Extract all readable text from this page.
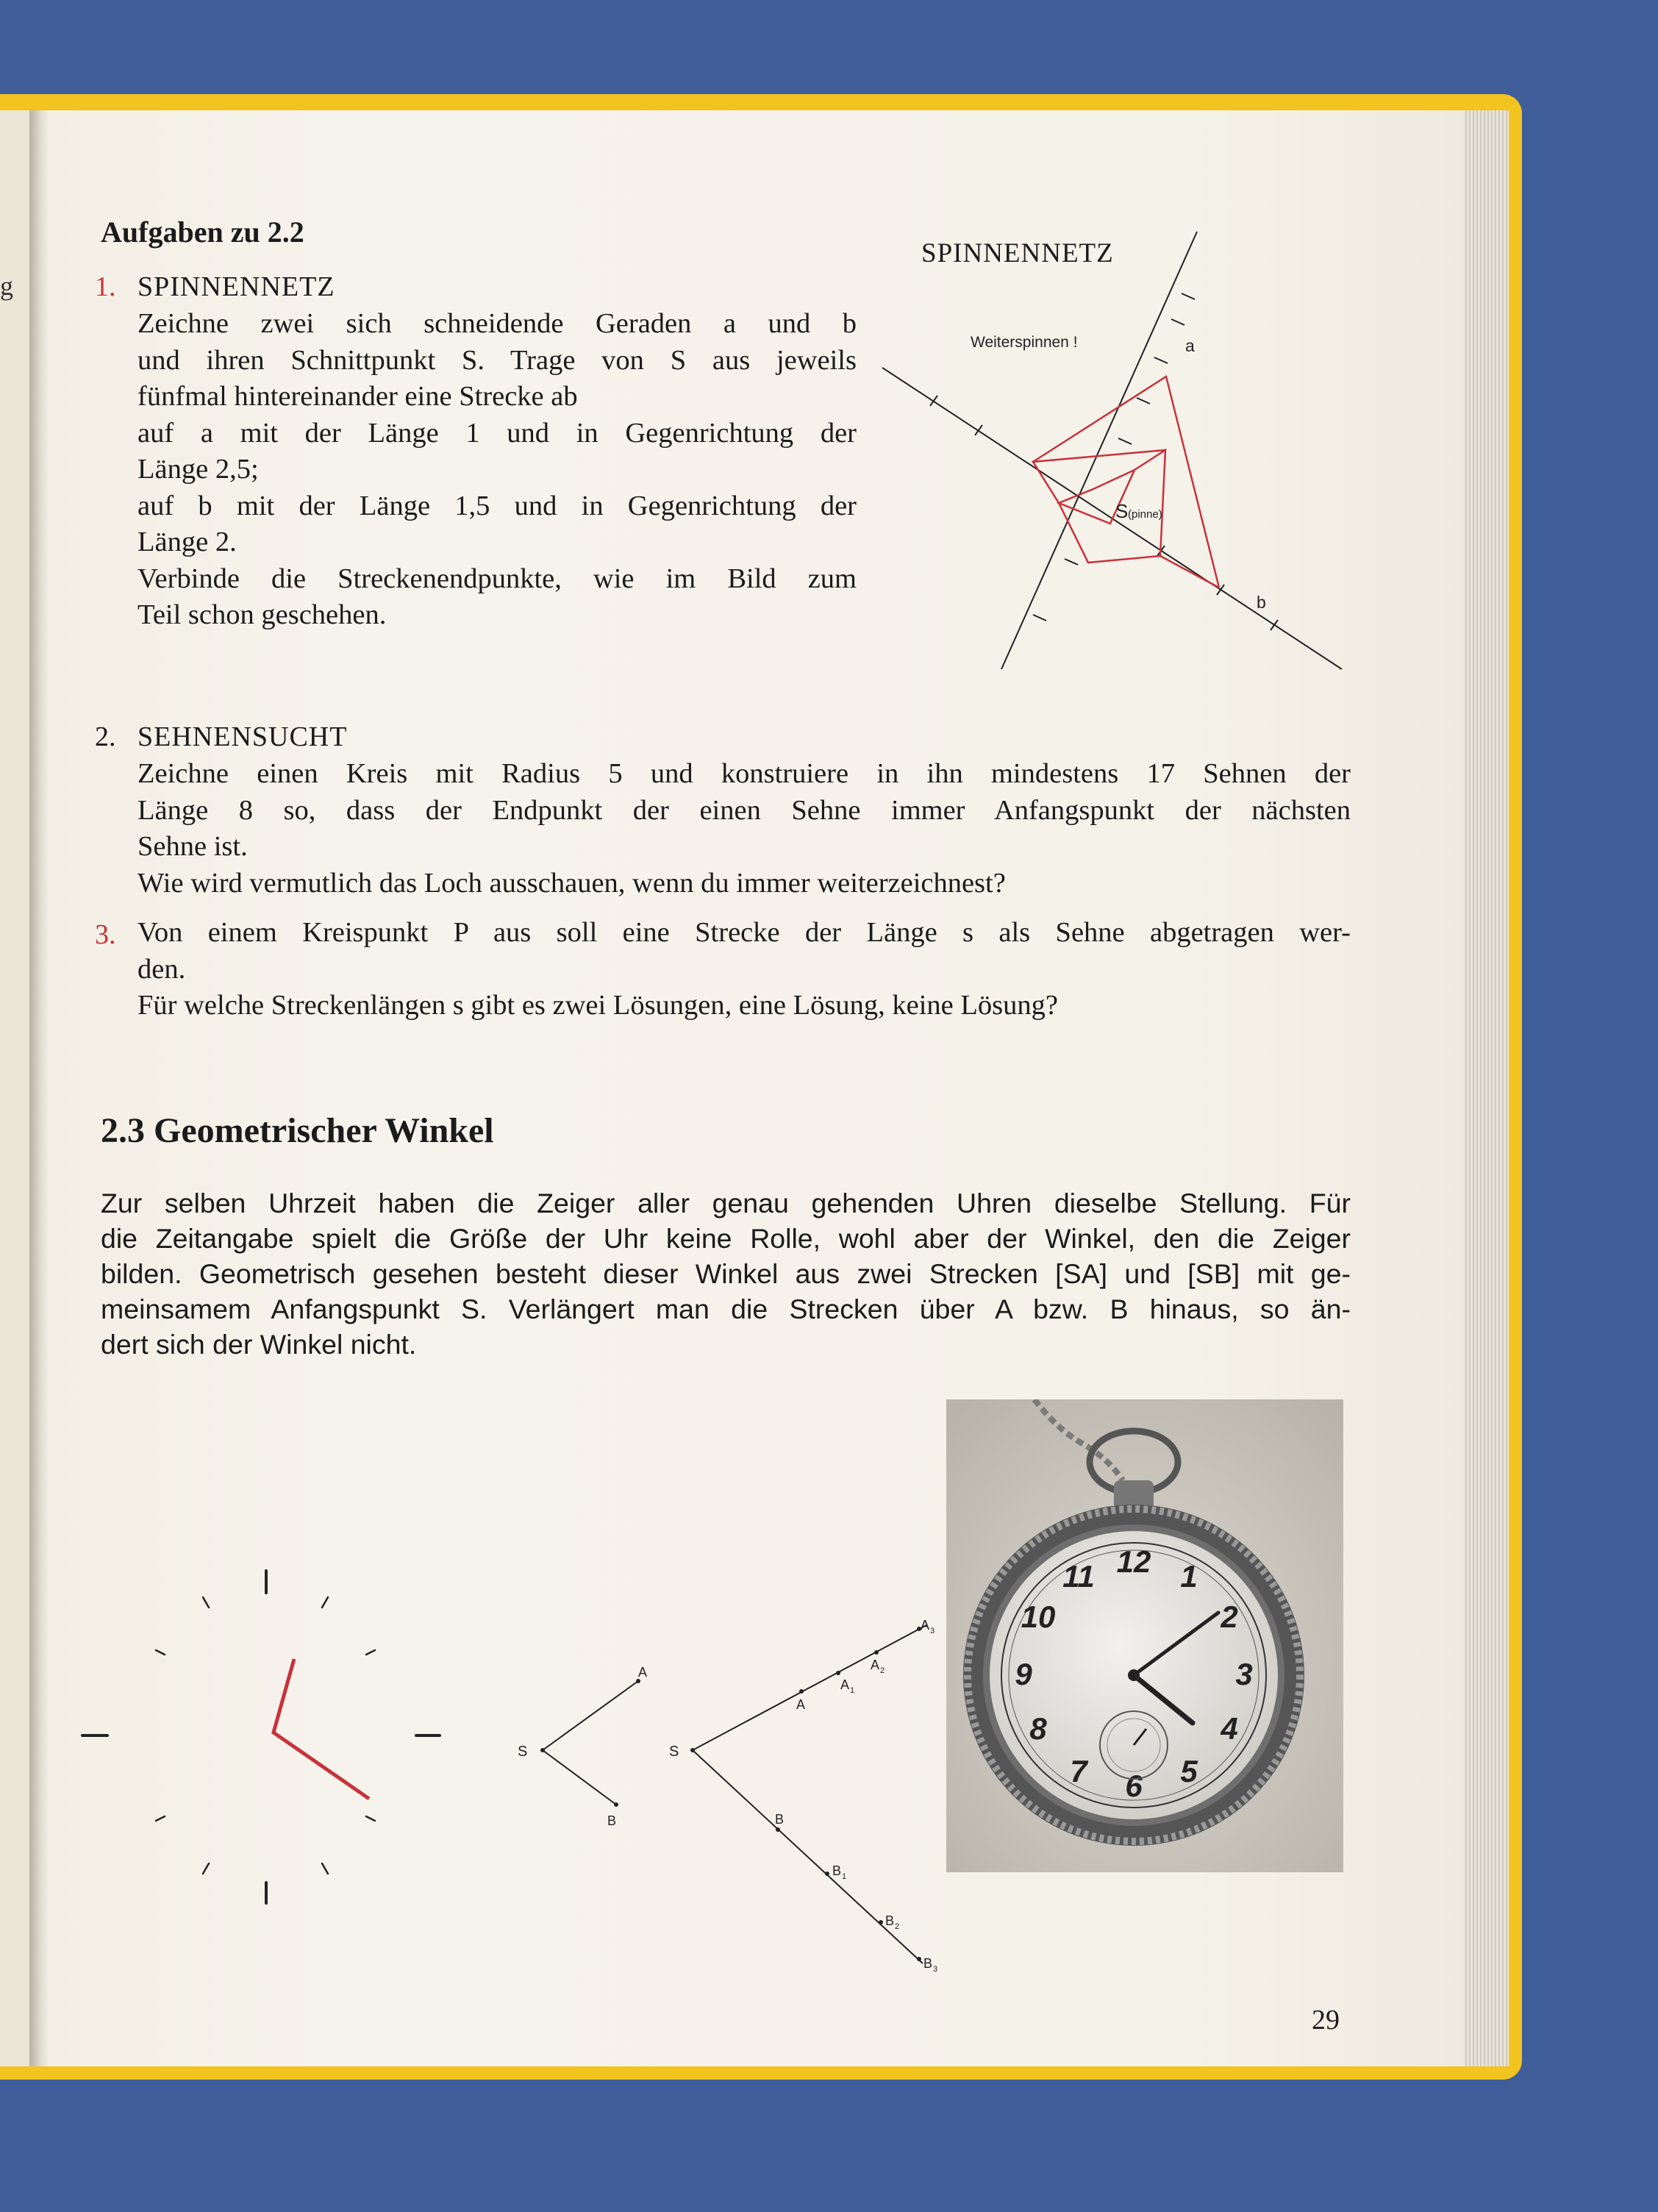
g
Aufgaben zu 2.2
1. SPINNENNETZ
Zeichne zwei sich schneidende Geraden a und b
und ihren Schnittpunkt S. Trage von S aus jeweils
fünfmal hintereinander eine Strecke ab
auf a mit der Länge 1 und in Gegenrichtung der
Länge 2,5;
auf b mit der Länge 1,5 und in Gegenrichtung der
Länge 2.
Verbinde die Streckenendpunkte, wie im Bild zum
Teil schon geschehen.
SPINNENNETZ
Weiterspinnen !	a
b
S (pinne)
2. SEHNENSUCHT
Zeichne einen Kreis mit Radius 5 und konstruiere in ihn mindestens 17 Sehnen der
Länge 8 so, dass der Endpunkt der einen Sehne immer Anfangspunkt der nächsten
Sehne ist.
Wie wird vermutlich das Loch ausschauen, wenn du immer weiterzeichnest?
3. Von einem Kreispunkt P aus soll eine Strecke der Länge s als Sehne abgetragen wer-
den.
Für welche Streckenlängen s gibt es zwei Lösungen, eine Lösung, keine Lösung?
2.3 Geometrischer Winkel
Zur selben Uhrzeit haben die Zeiger aller genau gehenden Uhren dieselbe Stellung. Für
die Zeitangabe spielt die Größe der Uhr keine Rolle, wohl aber der Winkel, den die Zeiger
bilden. Geometrisch gesehen besteht dieser Winkel aus zwei Strecken [SA] und [SB] mit ge-
meinsamem Anfangspunkt S. Verlängert man die Strecken über A bzw. B hinaus, so än-
dert sich der Winkel nicht.
S
A
B
S
A
A 1
A 2
A 3
B
B 1
B 2
B 3
12 1
2
3
4
5
6
7
8
9
10
11
29
